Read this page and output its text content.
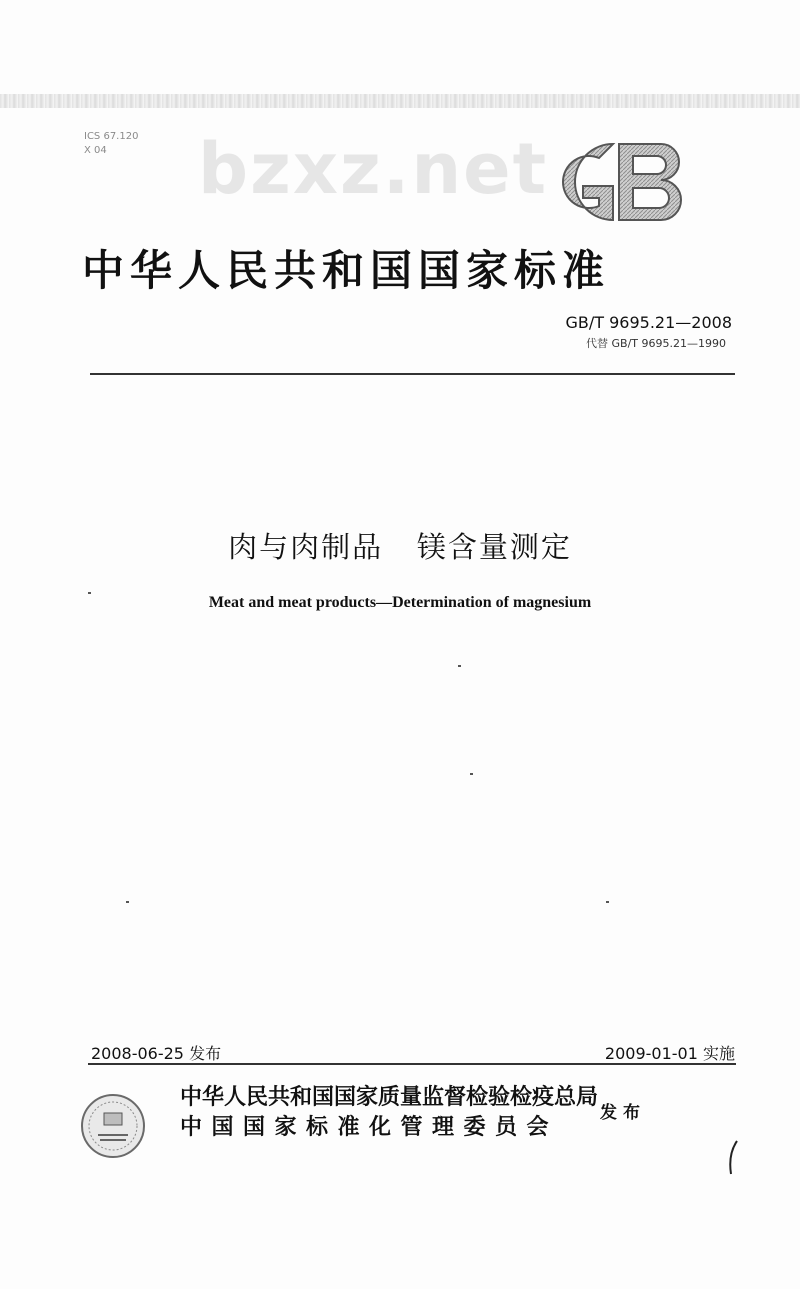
ICS 67.120
X 04	bzxz.net
中华人民共和国国家标准
GB/T 9695.21—2008
代替 GB/T 9695.21—1990
肉与肉制品   镁含量测定
Meat and meat products—Determination of magnesium
2008-06-25 发布	2009-01-01 实施
中华人民共和国国家质量监督检验检疫总局
中国国家标准化管理委员会
发布
